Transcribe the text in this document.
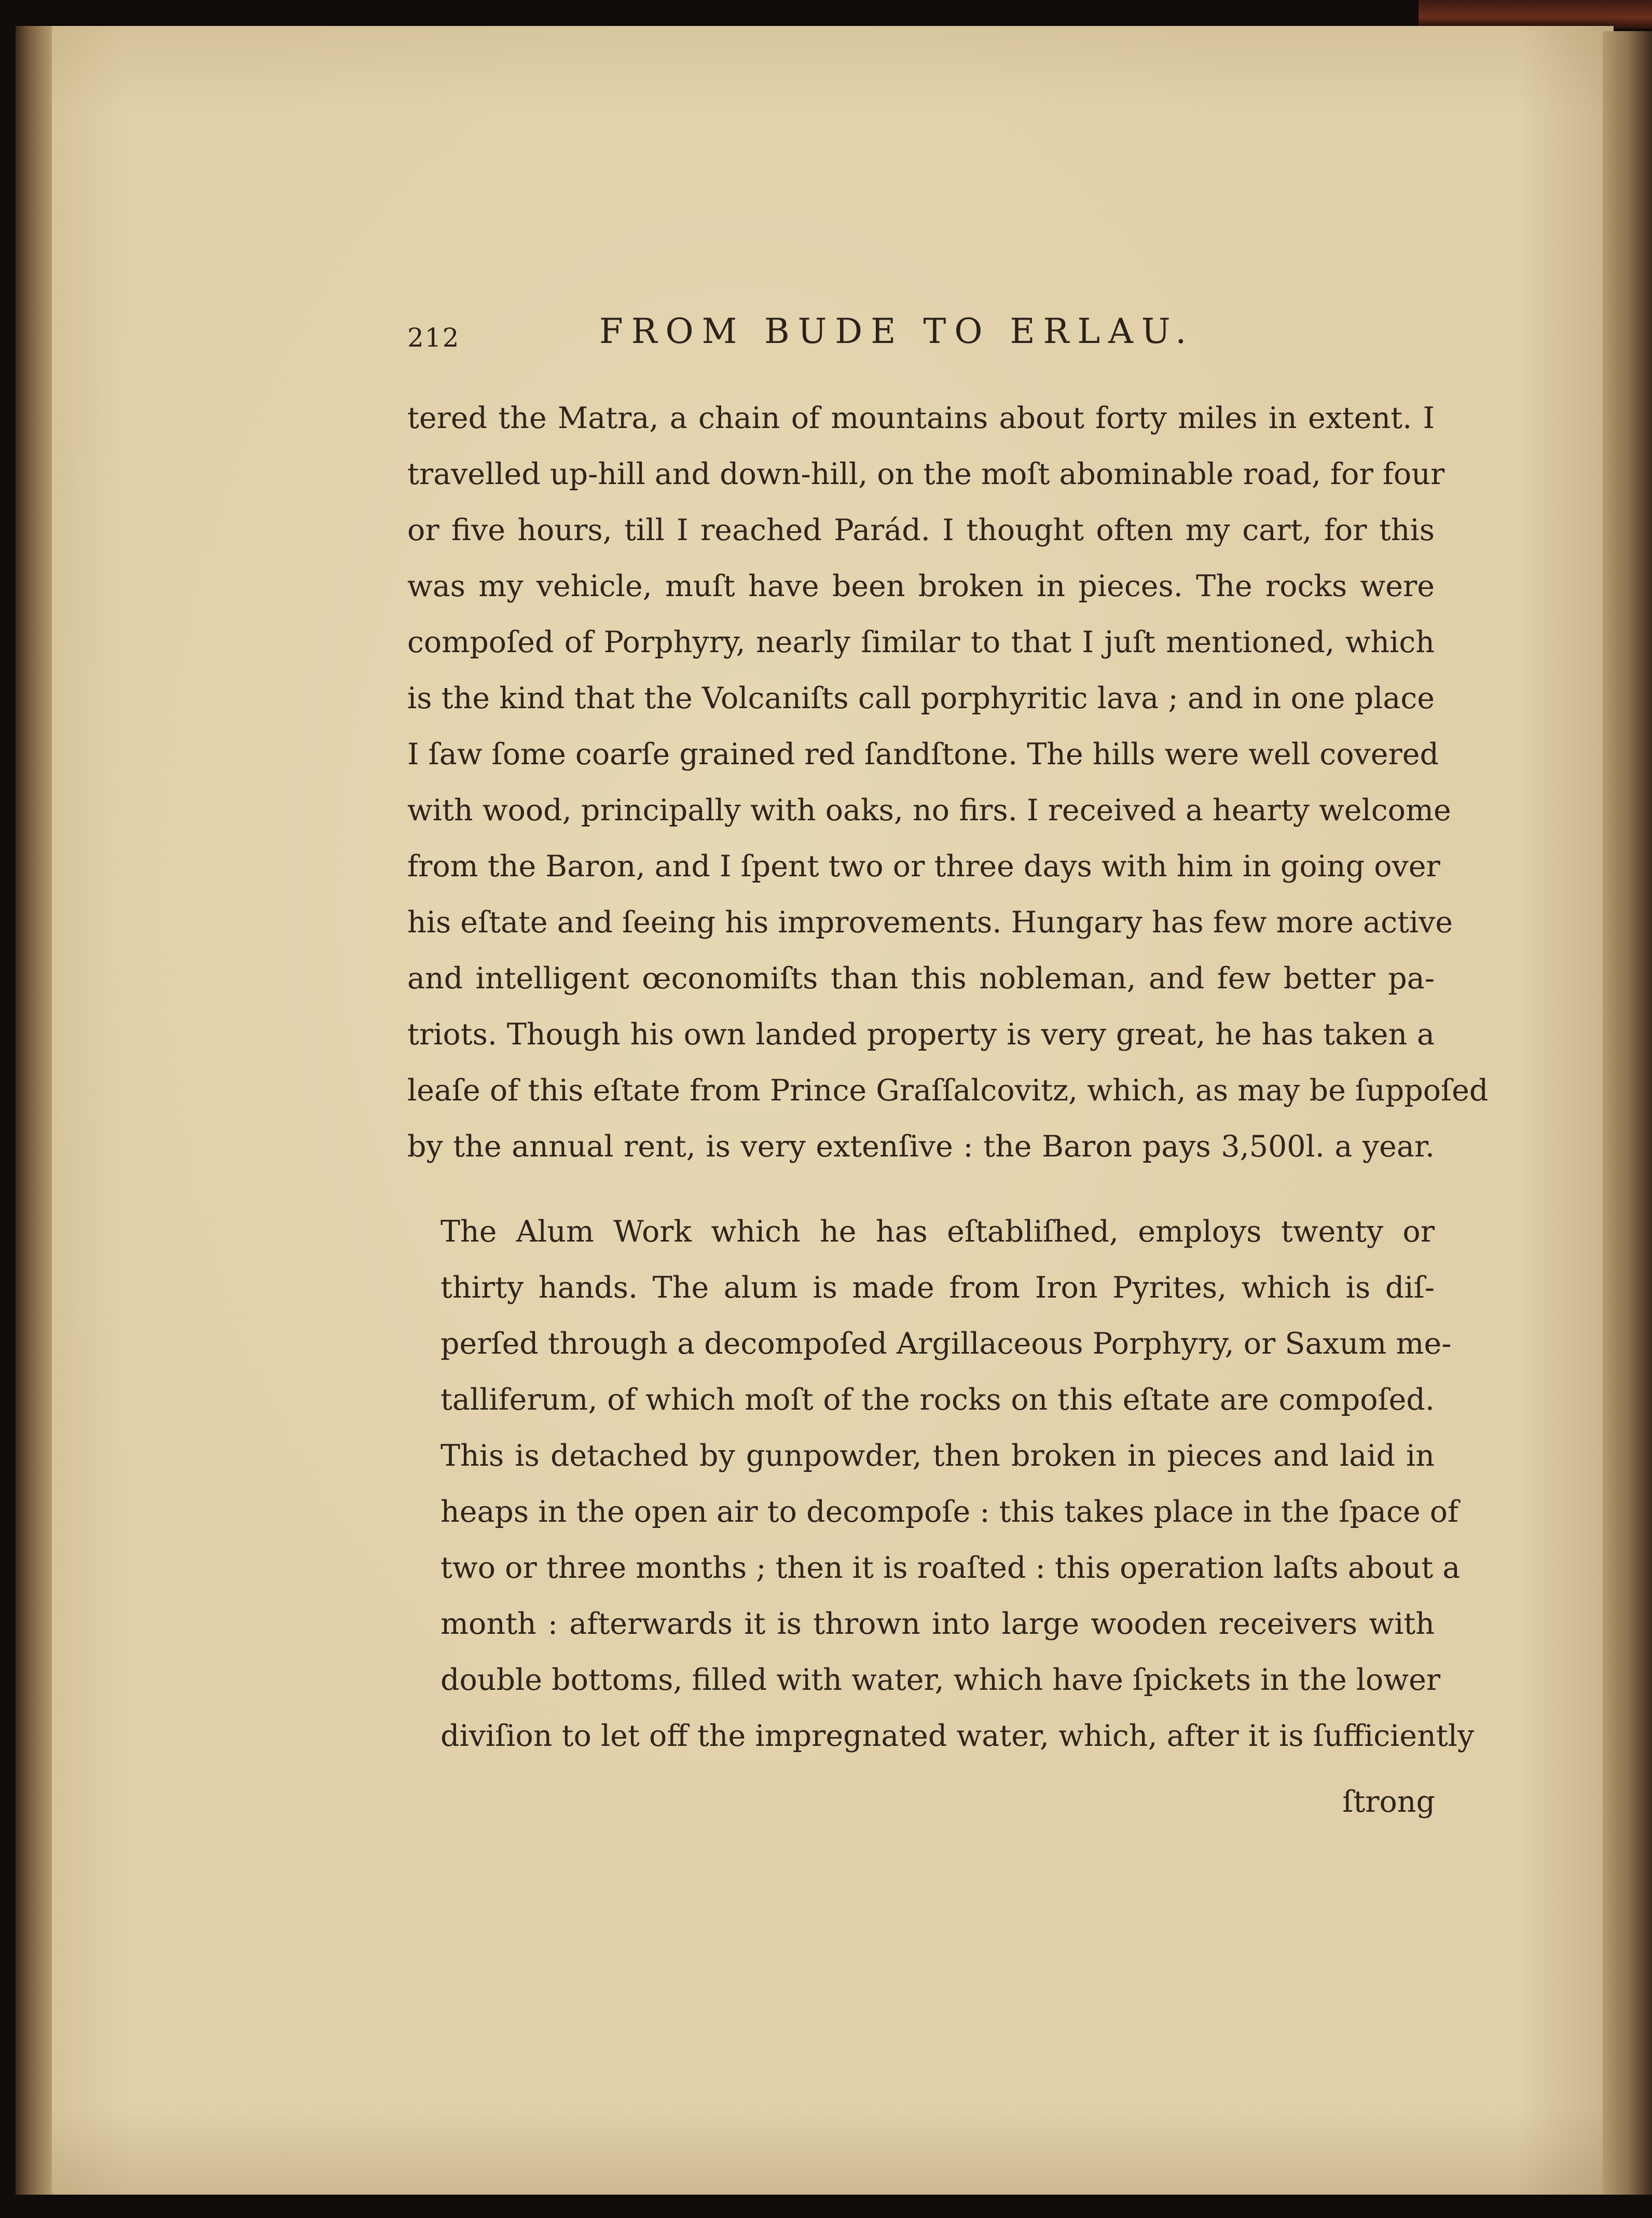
212	FROM BUDE TO ERLAU.

tered the Matra, a chain of mountains about forty miles in extent. I
travelled up-hill and down-hill, on the moſt abominable road, for four
or five hours, till I reached Parád. I thought often my cart, for this
was my vehicle, muſt have been broken in pieces. The rocks were
compoſed of Porphyry, nearly ſimilar to that I juſt mentioned, which
is the kind that the Volcaniſts call porphyritic lava ; and in one place
I ſaw ſome coarſe grained red ſandſtone. The hills were well covered
with wood, principally with oaks, no firs. I received a hearty welcome
from the Baron, and I ſpent two or three days with him in going over
his eſtate and ſeeing his improvements. Hungary has few more active
and intelligent œconomiſts than this nobleman, and few better pa-
triots. Though his own landed property is very great, he has taken a
leaſe of this eſtate from Prince Graſſalcovitz, which, as may be ſuppoſed
by the annual rent, is very extenſive : the Baron pays 3,500l. a year.

The Alum Work which he has eſtabliſhed, employs twenty or
thirty hands. The alum is made from Iron Pyrites, which is diſ-
perſed through a decompoſed Argillaceous Porphyry, or Saxum me-
talliferum, of which moſt of the rocks on this eſtate are compoſed.
This is detached by gunpowder, then broken in pieces and laid in
heaps in the open air to decompoſe : this takes place in the ſpace of
two or three months ; then it is roaſted : this operation laſts about a
month : afterwards it is thrown into large wooden receivers with
double bottoms, filled with water, which have ſpickets in the lower
diviſion to let off the impregnated water, which, after it is ſufficiently

ſtrong
